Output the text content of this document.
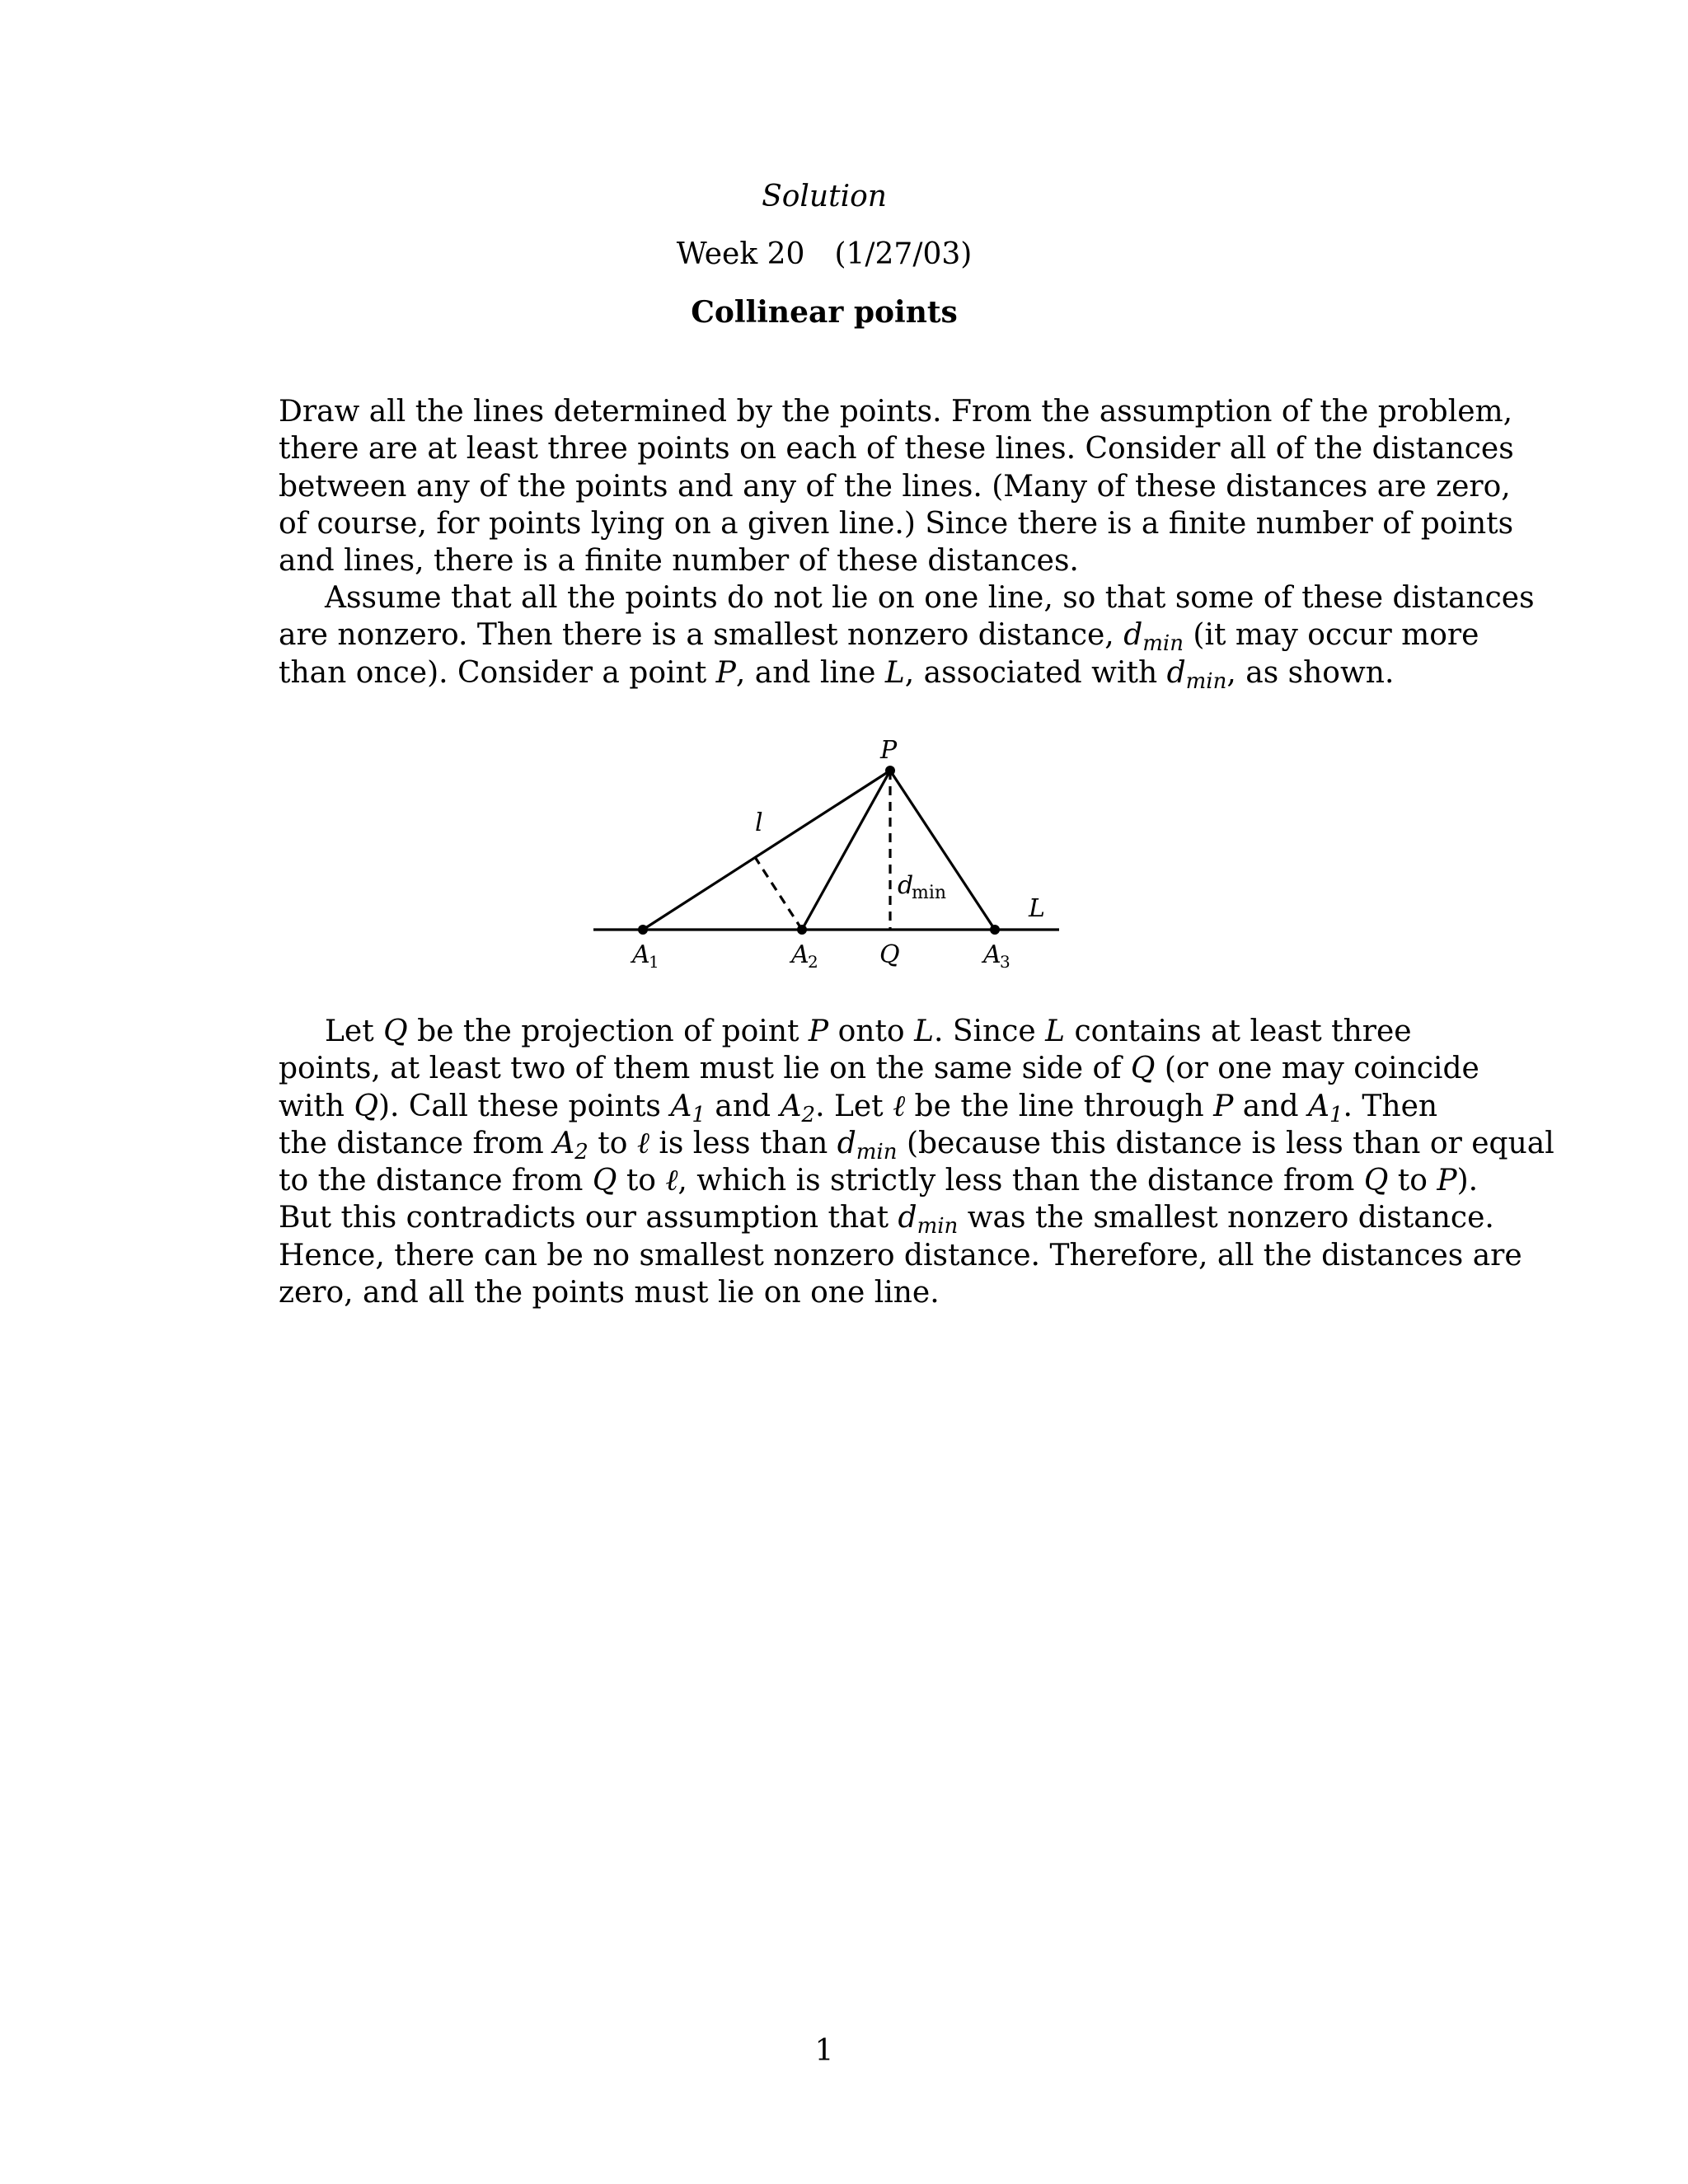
Solution
Week 20 (1/27/03)
Collinear points
Draw all the lines determined by the points. From the assumption of the problem,
there are at least three points on each of these lines. Consider all of the distances
between any of the points and any of the lines. (Many of these distances are zero,
of course, for points lying on a given line.) Since there is a finite number of points
and lines, there is a finite number of these distances.
Assume that all the points do not lie on one line, so that some of these distances
are nonzero. Then there is a smallest nonzero distance, $d_{min}$ (it may occur more
than once). Consider a point P, and line L, associated with $d_{min}$, as shown.
P
l
d
min
L
A
1	A
2 Q	A
3
Let Q be the projection of point P onto L. Since L contains at least three
points, at least two of them must lie on the same side of Q (or one may coincide
with Q). Call these points $A_1$ and $A_2$. Let ℓ be the line through P and $A_1$. Then
the distance from $A_2$ to ℓ is less than $d_{min}$ (because this distance is less than or equal
to the distance from Q to ℓ, which is strictly less than the distance from Q to P).
But this contradicts our assumption that $d_{min}$ was the smallest nonzero distance.
Hence, there can be no smallest nonzero distance. Therefore, all the distances are
zero, and all the points must lie on one line.
1
